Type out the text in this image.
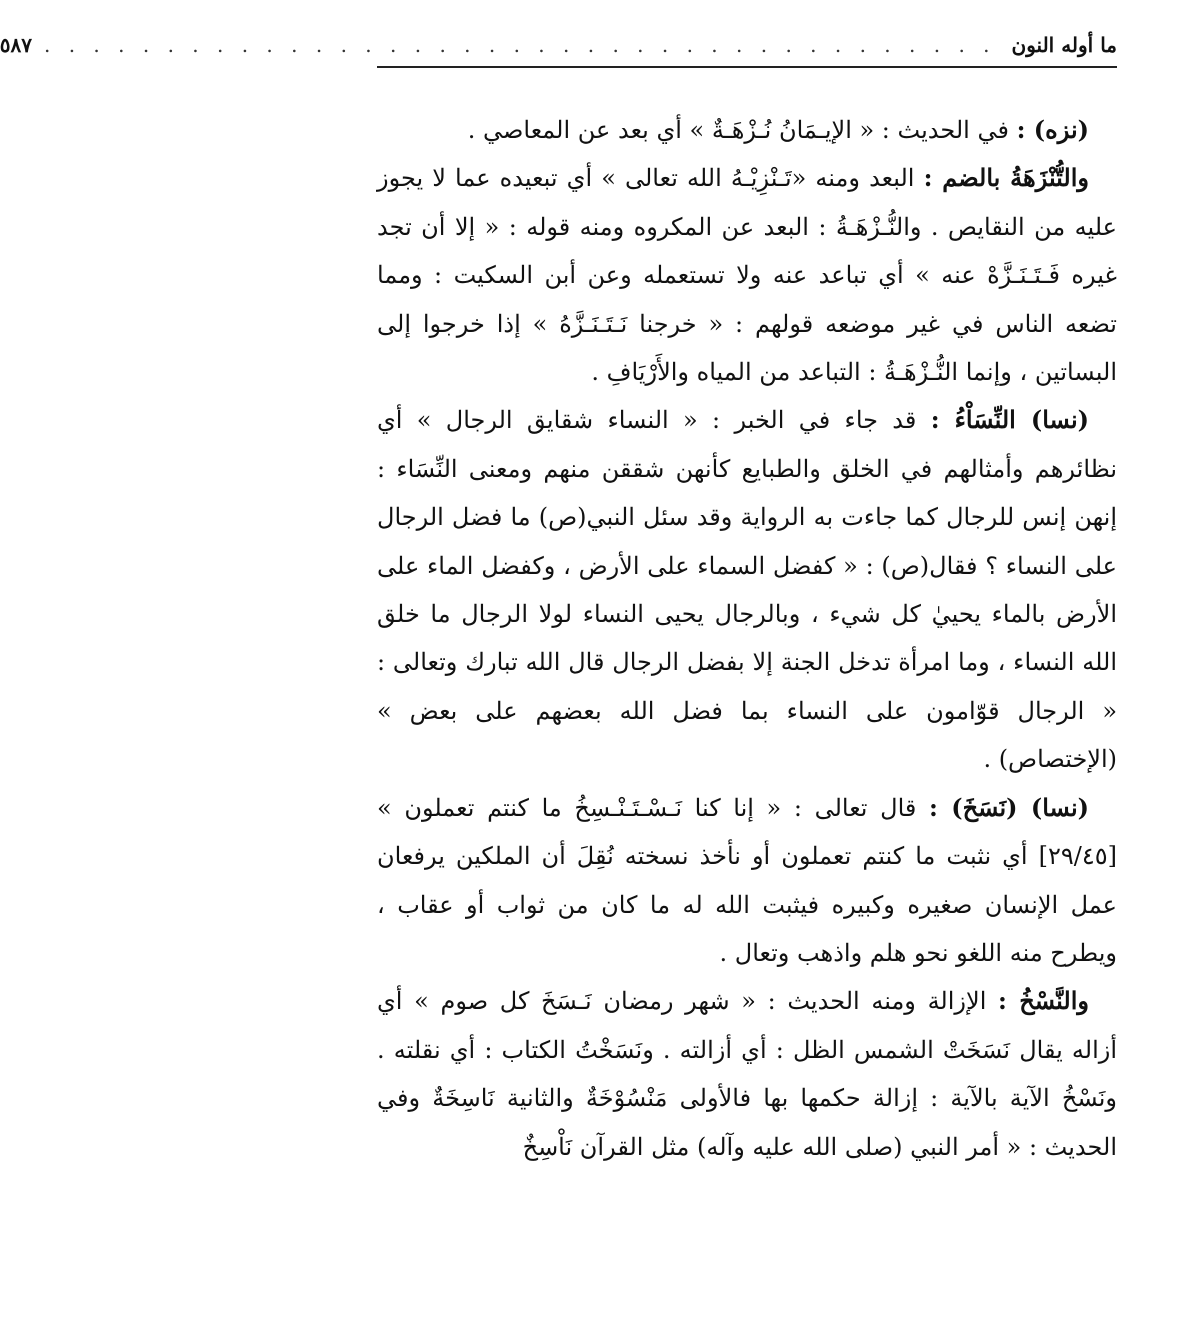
ما أوله النون
. . . . . . . . . . . . . . . . . . . . . . . . . . . . . . . . . . . . . . .
٥٨٧

(نزه) : في الحديث : « الإيـمَانُ نُـزْهَـةٌ » أي بعد عن المعاصي .

والتُّنْزَهَةُ بالضم : البعد ومنه «تَـنْزِيْـهُ الله تعالى » أي تبعيده عما لا يجوز عليه من النقايص . والنُّـزْهَـةُ : البعد عن المكروه ومنه قوله : « إلا أن تجد غيره فَـتَـنَـزَّهْ عنه » أي تباعد عنه ولا تستعمله وعن أبن السكيت : ومما تضعه الناس في غير موضعه قولهم : « خرجنا نَـتَـنَـزَّهُ » إذا خرجوا إلى البساتين ، وإنما النُّـزْهَـةُ : التباعد من المياه والأَرْيَافِ .

(نسا) النِّسَاْءُ : قد جاء في الخبر : « النساء شقايق الرجال » أي نظائرهم وأمثالهم في الخلق والطبايع كأنهن شققن منهم ومعنى النِّسَاء : إنهن إنس للرجال كما جاءت به الرواية وقد سئل النبي(ص) ما فضل الرجال على النساء ؟ فقال(ص) : « كفضل السماء على الأرض ، وكفضل الماء على الأرض بالماء يحييٰ كل شيء ، وبالرجال يحيى النساء لولا الرجال ما خلق الله النساء ، وما امرأة تدخل الجنة إلا بفضل الرجال قال الله تبارك وتعالى : « الرجال قوّامون على النساء بما فضل الله بعضهم على بعض » (الإختصاص) .

(نسا) (نَسَخَ) : قال تعالى : « إنا كنا نَـسْـتَـنْـسِخُ ما كنتم تعملون » [٢٩/٤٥] أي نثبت ما كنتم تعملون أو نأخذ نسخته نُقِلَ أن الملكين يرفعان عمل الإنسان صغيره وكبيره فيثبت الله له ما كان من ثواب أو عقاب ، ويطرح منه اللغو نحو هلم واذهب وتعال .

والنَّسْخُ : الإزالة ومنه الحديث : « شهر رمضان نَـسَخَ كل صوم » أي أزاله يقال نَسَخَتْ الشمس الظل : أي أزالته . ونَسَخْتُ الكتاب : أي نقلته . ونَسْخُ الآية بالآية : إزالة حكمها بها فالأولى مَنْسُوْخَةٌ والثانية نَاسِخَةٌ وفي الحديث : « أمر النبي (صلى الله عليه وآله) مثل القرآن نَاْسِخٌ
